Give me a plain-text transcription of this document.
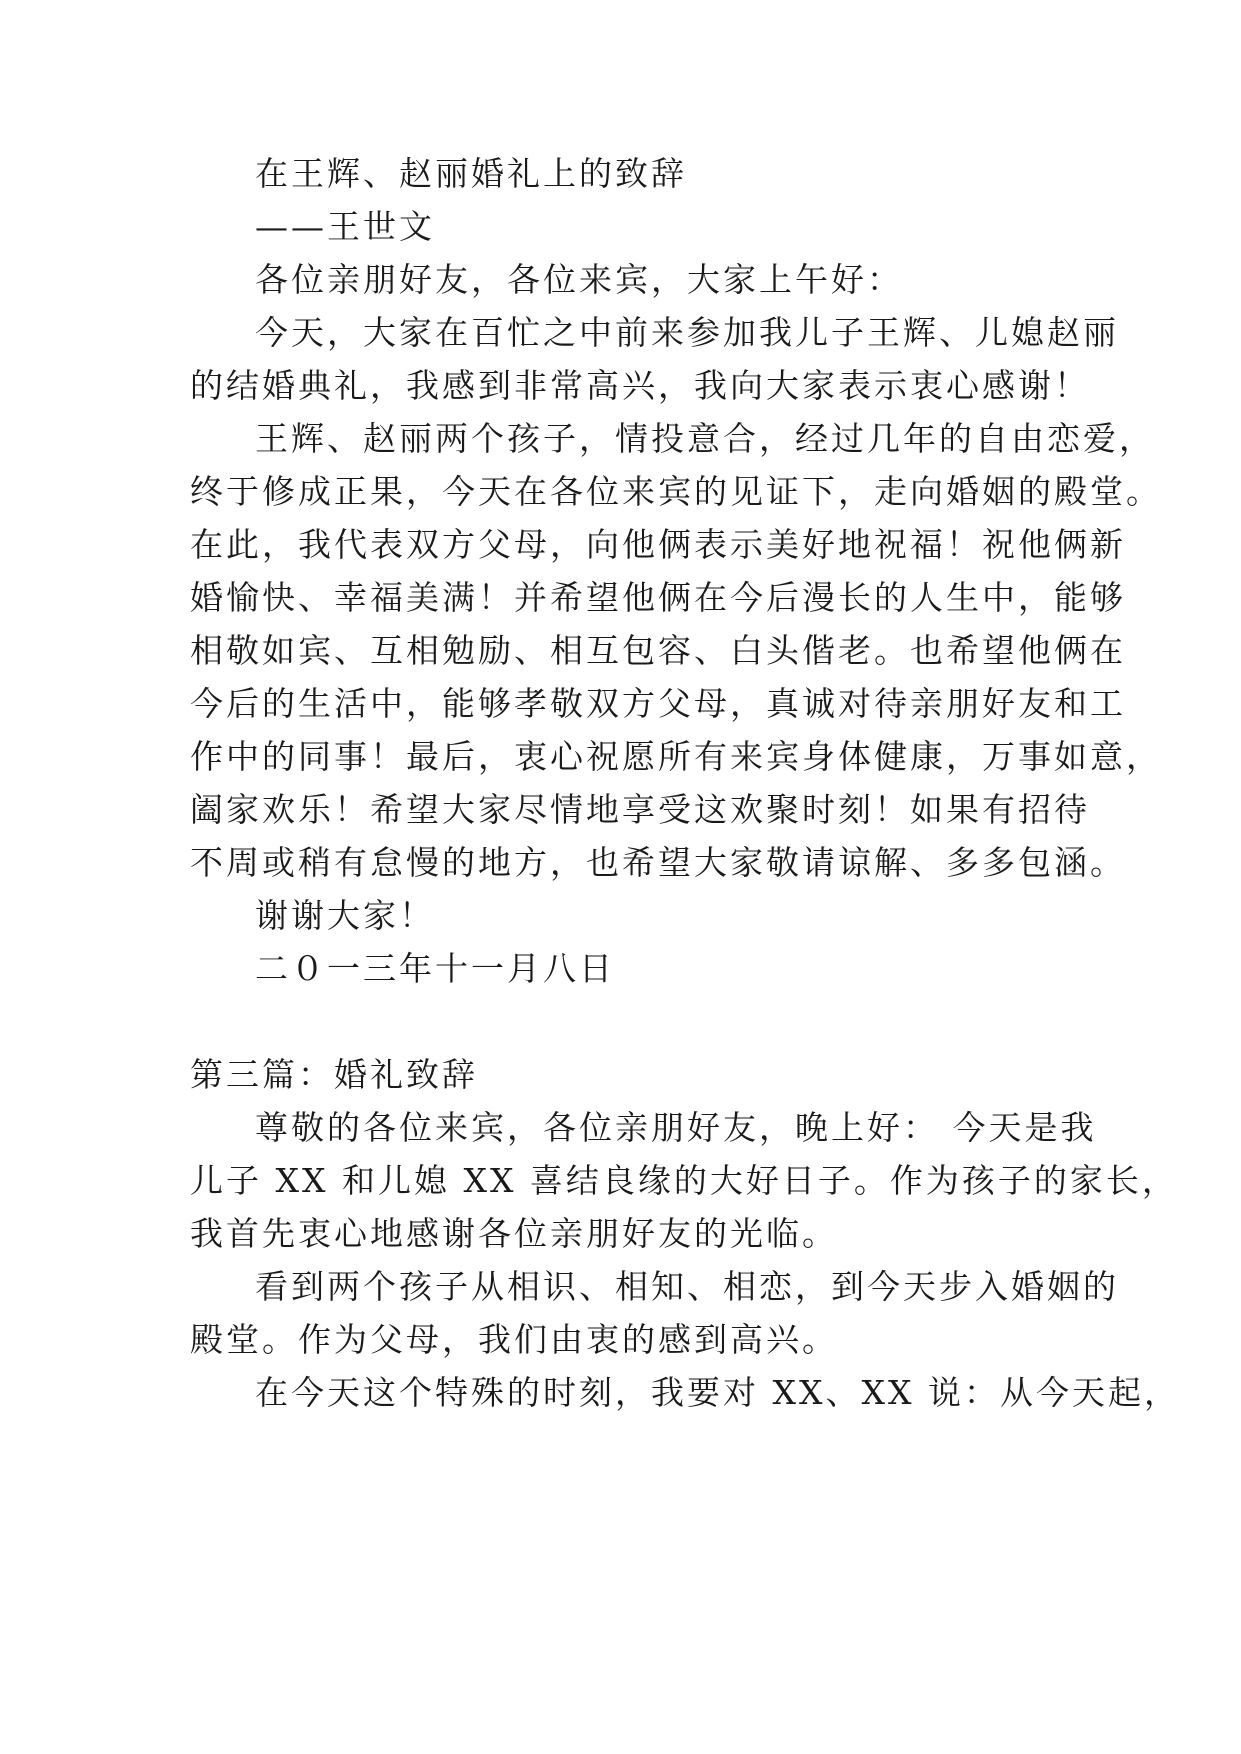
在王辉、赵丽婚礼上的致辞
——王世文
各位亲朋好友，各位来宾，大家上午好：
今天，大家在百忙之中前来参加我儿子王辉、儿媳赵丽
的结婚典礼，我感到非常高兴，我向大家表示衷心感谢！
王辉、赵丽两个孩子，情投意合，经过几年的自由恋爱，
终于修成正果，今天在各位来宾的见证下，走向婚姻的殿堂。
在此，我代表双方父母，向他俩表示美好地祝福！祝他俩新
婚愉快、幸福美满！并希望他俩在今后漫长的人生中，能够
相敬如宾、互相勉励、相互包容、白头偕老。也希望他俩在
今后的生活中，能够孝敬双方父母，真诚对待亲朋好友和工
作中的同事！最后，衷心祝愿所有来宾身体健康，万事如意，
阖家欢乐！希望大家尽情地享受这欢聚时刻！如果有招待
不周或稍有怠慢的地方，也希望大家敬请谅解、多多包涵。
谢谢大家！
二０一三年十一月八日
第三篇：婚礼致辞
尊敬的各位来宾，各位亲朋好友，晚上好： 今天是我
儿子 XX 和儿媳 XX 喜结良缘的大好日子。作为孩子的家长，
我首先衷心地感谢各位亲朋好友的光临。
看到两个孩子从相识、相知、相恋，到今天步入婚姻的
殿堂。作为父母，我们由衷的感到高兴。
在今天这个特殊的时刻，我要对 XX、XX 说：从今天起，
